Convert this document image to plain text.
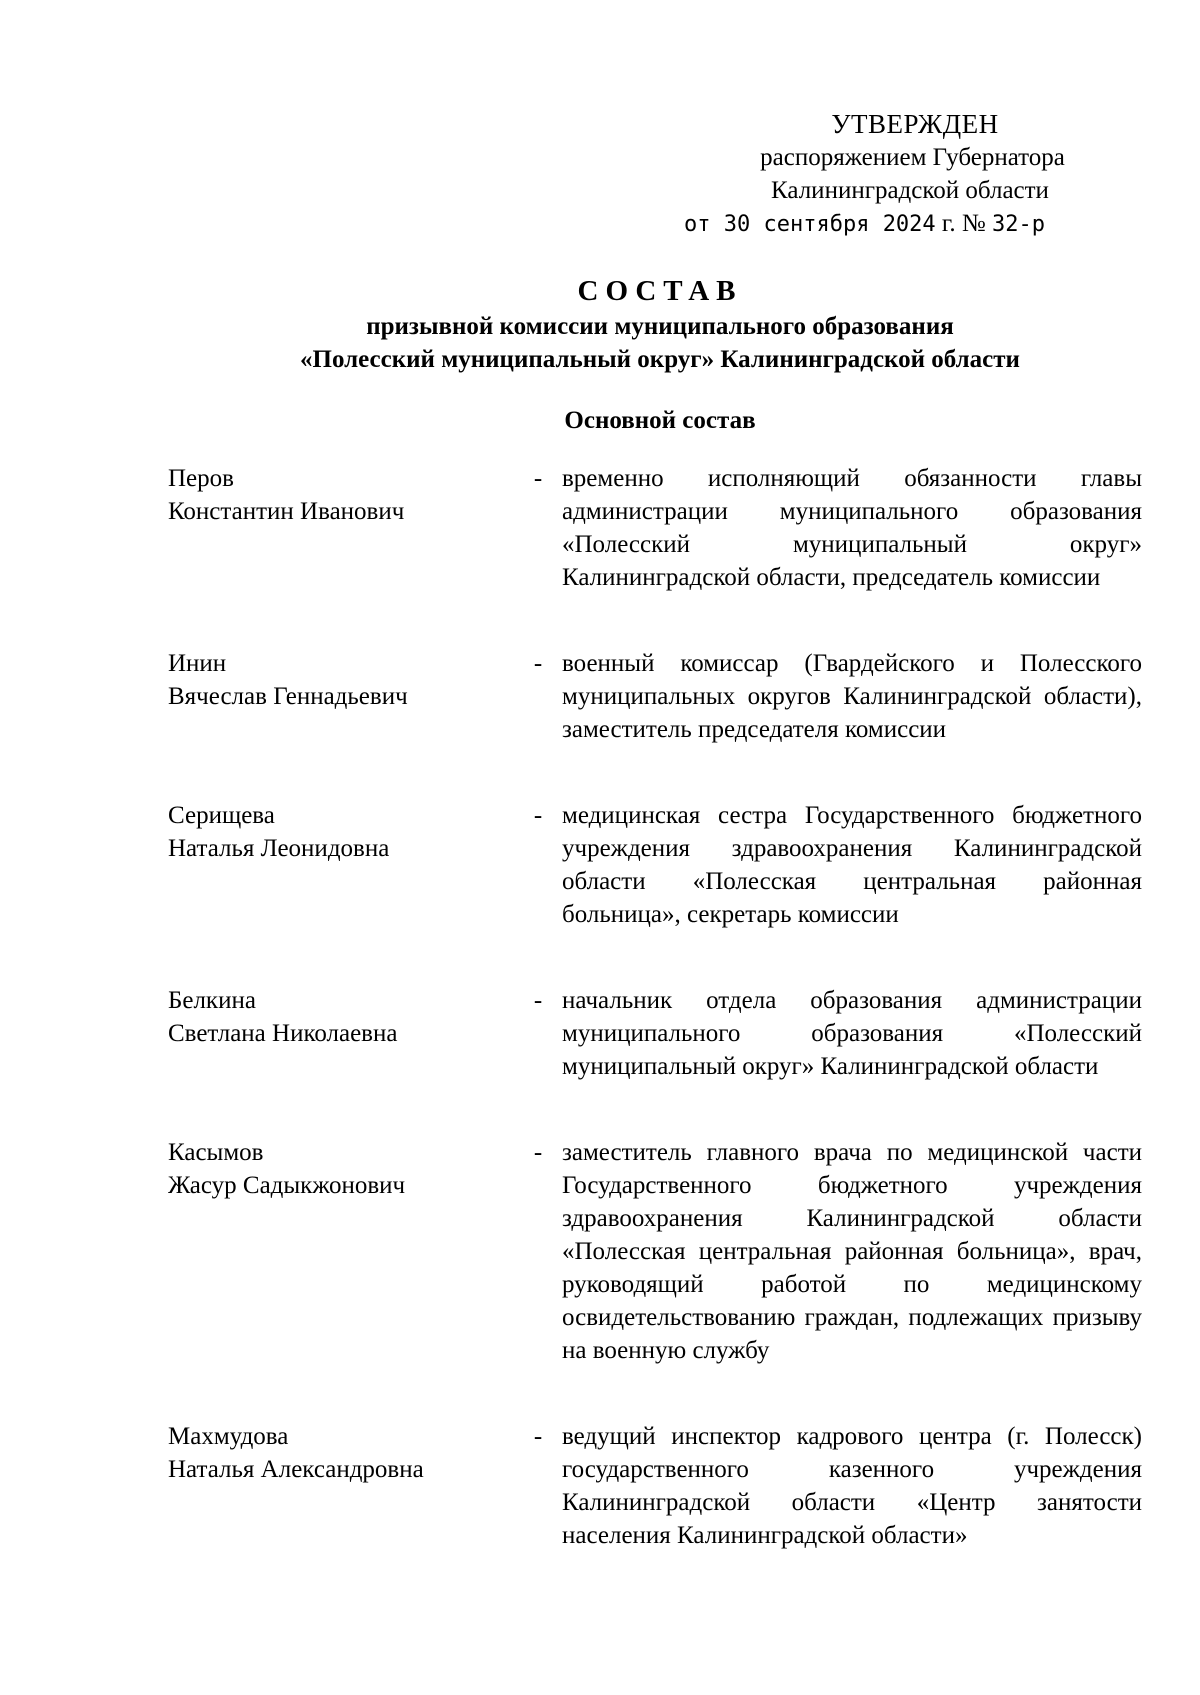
УТВЕРЖДЕН
распоряжением Губернатора
Калининградской области
от 30 сентября 2024 г. № 32-р
СОСТАВ
призывной комиссии муниципального образования
«Полесский муниципальный округ» Калининградской области
Основной состав
Перов
Константин Иванович
- временно исполняющий обязанности главы администрации муниципального образования «Полесский муниципальный округ» Калининградской области, председатель комиссии
Инин
Вячеслав Геннадьевич
- военный комиссар (Гвардейского и Полесского муниципальных округов Калининградской области), заместитель председателя комиссии
Серищева
Наталья Леонидовна
- медицинская сестра Государственного бюджетного учреждения здравоохранения Калининградской области «Полесская центральная районная больница», секретарь комиссии
Белкина
Светлана Николаевна
- начальник отдела образования администрации муниципального образования «Полесский муниципальный округ» Калининградской области
Касымов
Жасур Садыкжонович
- заместитель главного врача по медицинской части Государственного бюджетного учреждения здравоохранения Калининградской области «Полесская центральная районная больница», врач, руководящий работой по медицинскому освидетельствованию граждан, подлежащих призыву на военную службу
Махмудова
Наталья Александровна
- ведущий инспектор кадрового центра (г. Полесск) государственного казенного учреждения Калининградской области «Центр занятости населения Калининградской области»
